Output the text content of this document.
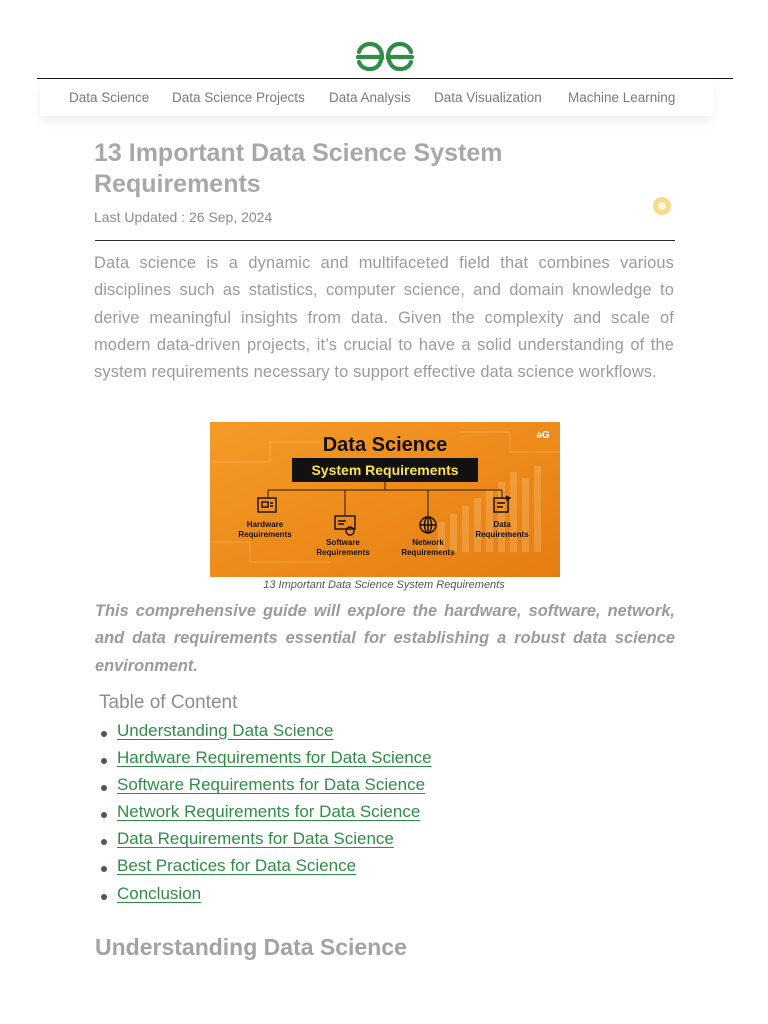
Data Science Data Science Projects Data Analysis Data Visualization Machine Learning
13 Important Data Science System Requirements
Last Updated : 26 Sep, 2024

Data science is a dynamic and multifaceted field that combines various disciplines such as statistics, computer science, and domain knowledge to derive meaningful insights from data. Given the complexity and scale of modern data-driven projects, it’s crucial to have a solid understanding of the system requirements necessary to support effective data science workflows.

Data Science	əG
System Requirements
Hardware
Requirements
Software
Requirements
Network
Requirements
Data
Requirements
13 Important Data Science System Requirements

This comprehensive guide will explore the hardware, software, network, and data requirements essential for establishing a robust data science environment.

Table of Content
Understanding Data Science
Hardware Requirements for Data Science
Software Requirements for Data Science
Network Requirements for Data Science
Data Requirements for Data Science
Best Practices for Data Science
Conclusion
Understanding Data Science
